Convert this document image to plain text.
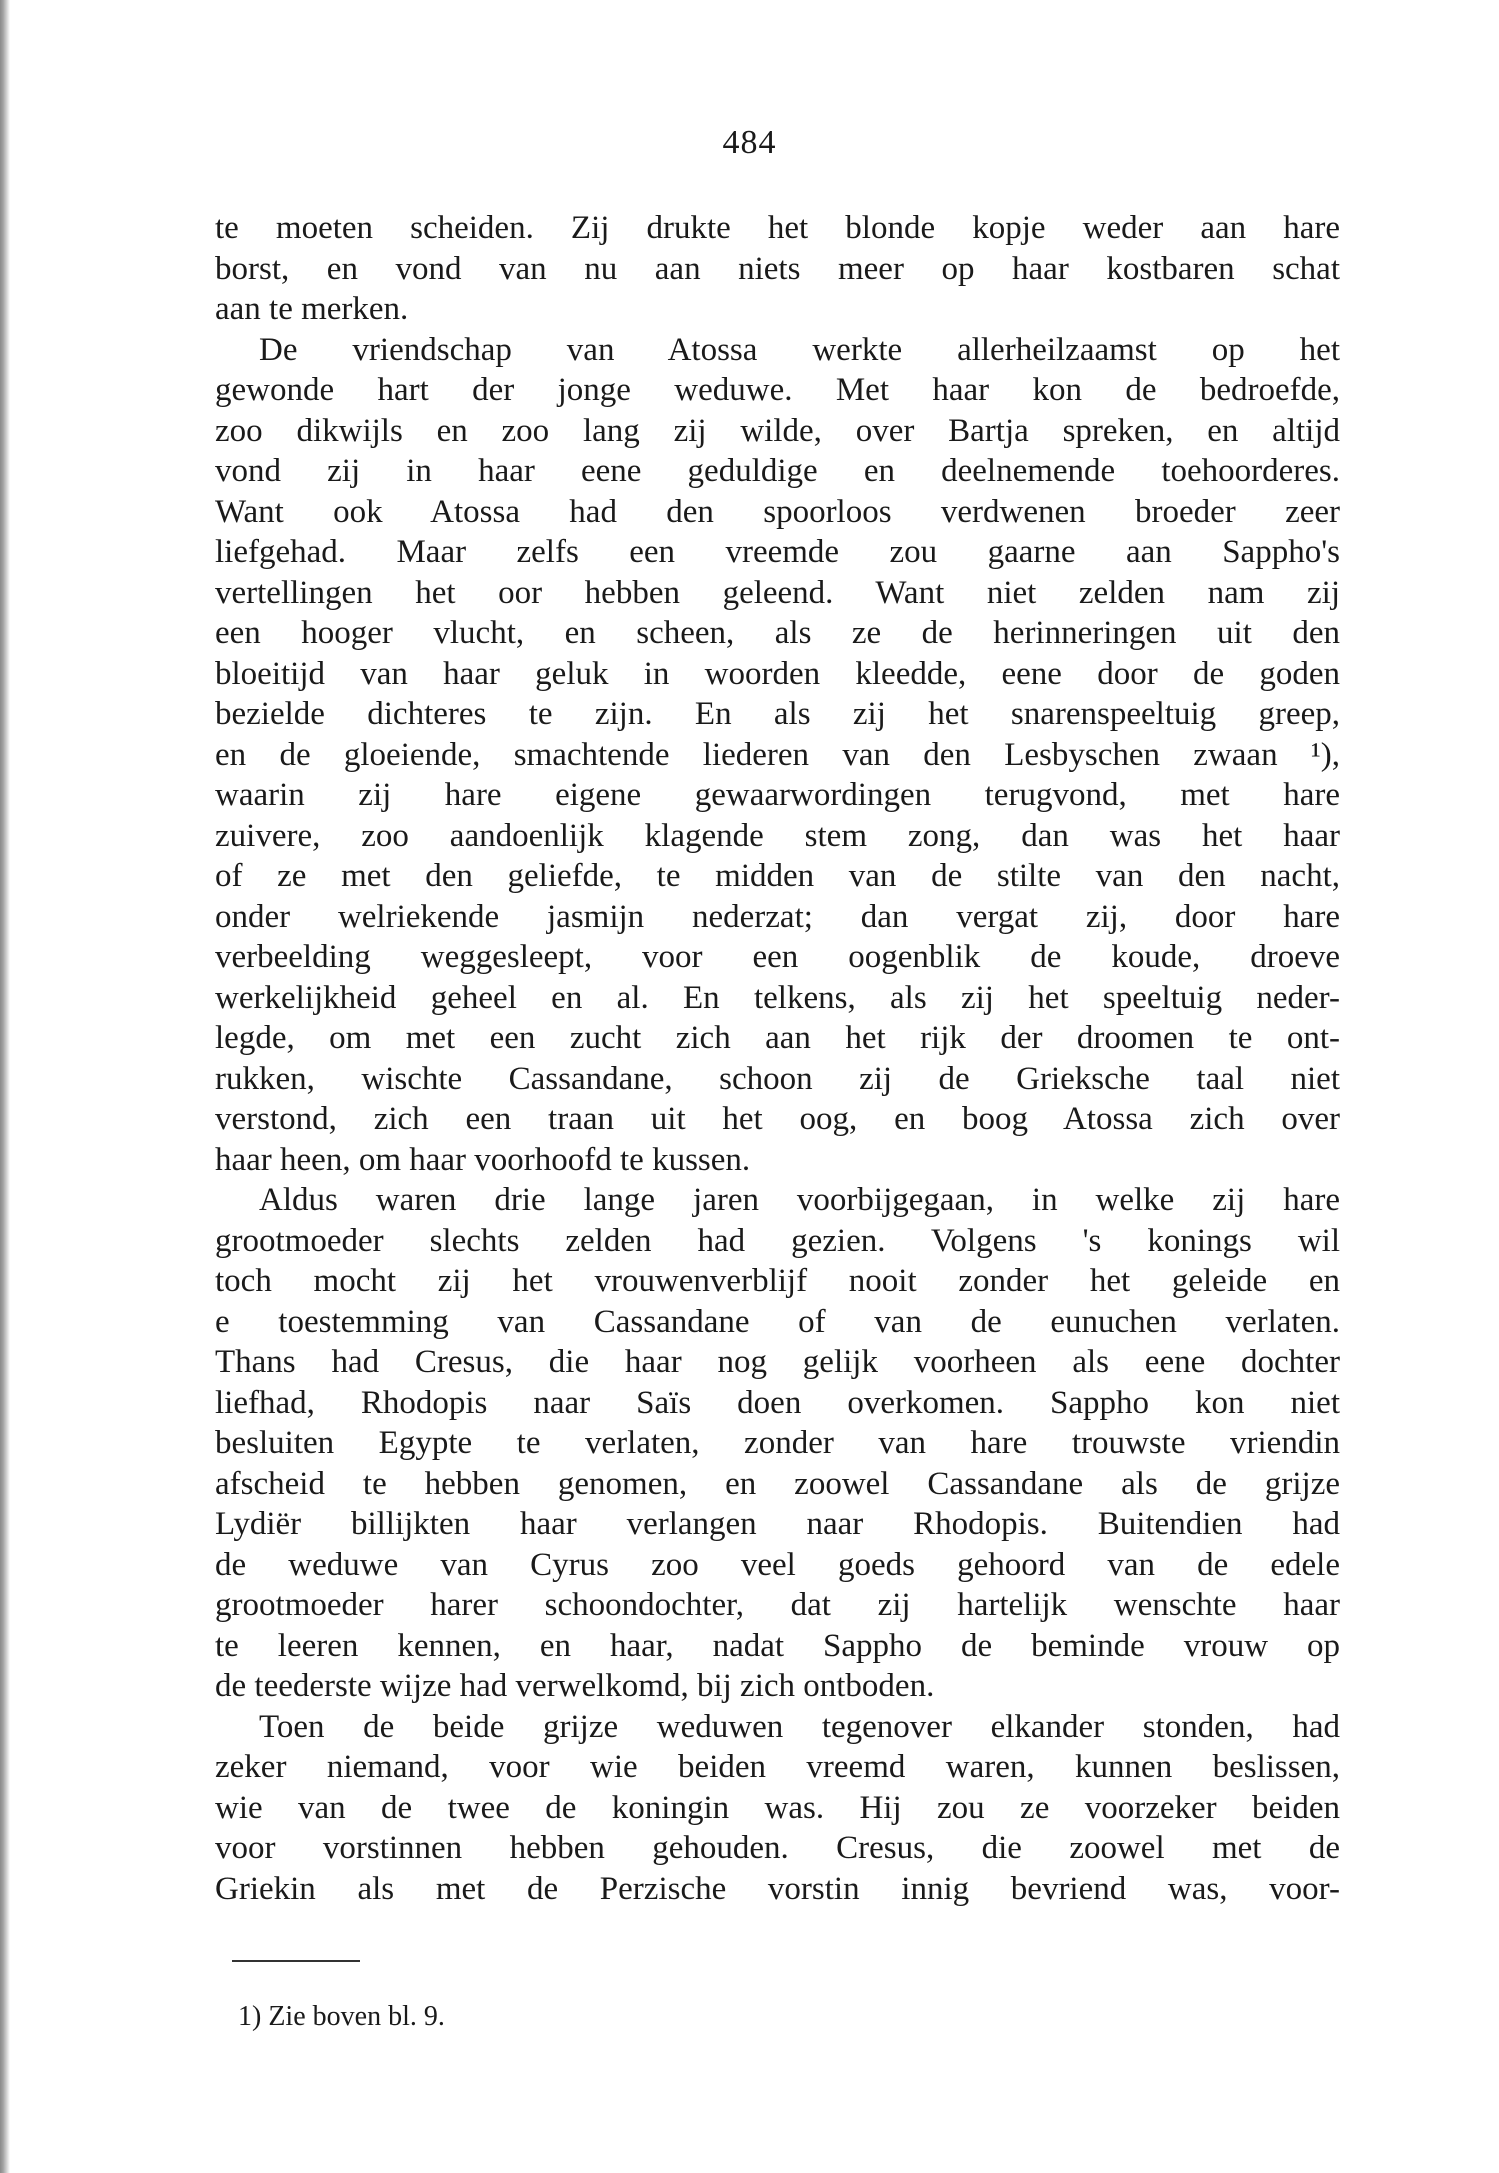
484
te moeten scheiden. Zij drukte het blonde kopje weder aan hare
borst, en vond van nu aan niets meer op haar kostbaren schat
aan te merken.
De vriendschap van Atossa werkte allerheilzaamst op het
gewonde hart der jonge weduwe. Met haar kon de bedroefde,
zoo dikwijls en zoo lang zij wilde, over Bartja spreken, en altijd
vond zij in haar eene geduldige en deelnemende toehoorderes.
Want ook Atossa had den spoorloos verdwenen broeder zeer
liefgehad. Maar zelfs een vreemde zou gaarne aan Sappho's
vertellingen het oor hebben geleend. Want niet zelden nam zij
een hooger vlucht, en scheen, als ze de herinneringen uit den
bloeitijd van haar geluk in woorden kleedde, eene door de goden
bezielde dichteres te zijn. En als zij het snarenspeeltuig greep,
en de gloeiende, smachtende liederen van den Lesbyschen zwaan ¹),
waarin zij hare eigene gewaarwordingen terugvond, met hare
zuivere, zoo aandoenlijk klagende stem zong, dan was het haar
of ze met den geliefde, te midden van de stilte van den nacht,
onder welriekende jasmijn nederzat; dan vergat zij, door hare
verbeelding weggesleept, voor een oogenblik de koude, droeve
werkelijkheid geheel en al. En telkens, als zij het speeltuig neder-
legde, om met een zucht zich aan het rijk der droomen te ont-
rukken, wischte Cassandane, schoon zij de Grieksche taal niet
verstond, zich een traan uit het oog, en boog Atossa zich over
haar heen, om haar voorhoofd te kussen.
Aldus waren drie lange jaren voorbijgegaan, in welke zij hare
grootmoeder slechts zelden had gezien. Volgens 's konings wil
toch mocht zij het vrouwenverblijf nooit zonder het geleide en
e toestemming van Cassandane of van de eunuchen verlaten.
Thans had Cresus, die haar nog gelijk voorheen als eene dochter
liefhad, Rhodopis naar Saïs doen overkomen. Sappho kon niet
besluiten Egypte te verlaten, zonder van hare trouwste vriendin
afscheid te hebben genomen, en zoowel Cassandane als de grijze
Lydiër billijkten haar verlangen naar Rhodopis. Buitendien had
de weduwe van Cyrus zoo veel goeds gehoord van de edele
grootmoeder harer schoondochter, dat zij hartelijk wenschte haar
te leeren kennen, en haar, nadat Sappho de beminde vrouw op
de teederste wijze had verwelkomd, bij zich ontboden.
Toen de beide grijze weduwen tegenover elkander stonden, had
zeker niemand, voor wie beiden vreemd waren, kunnen beslissen,
wie van de twee de koningin was. Hij zou ze voorzeker beiden
voor vorstinnen hebben gehouden. Cresus, die zoowel met de
Griekin als met de Perzische vorstin innig bevriend was, voor-
1) Zie boven bl. 9.
